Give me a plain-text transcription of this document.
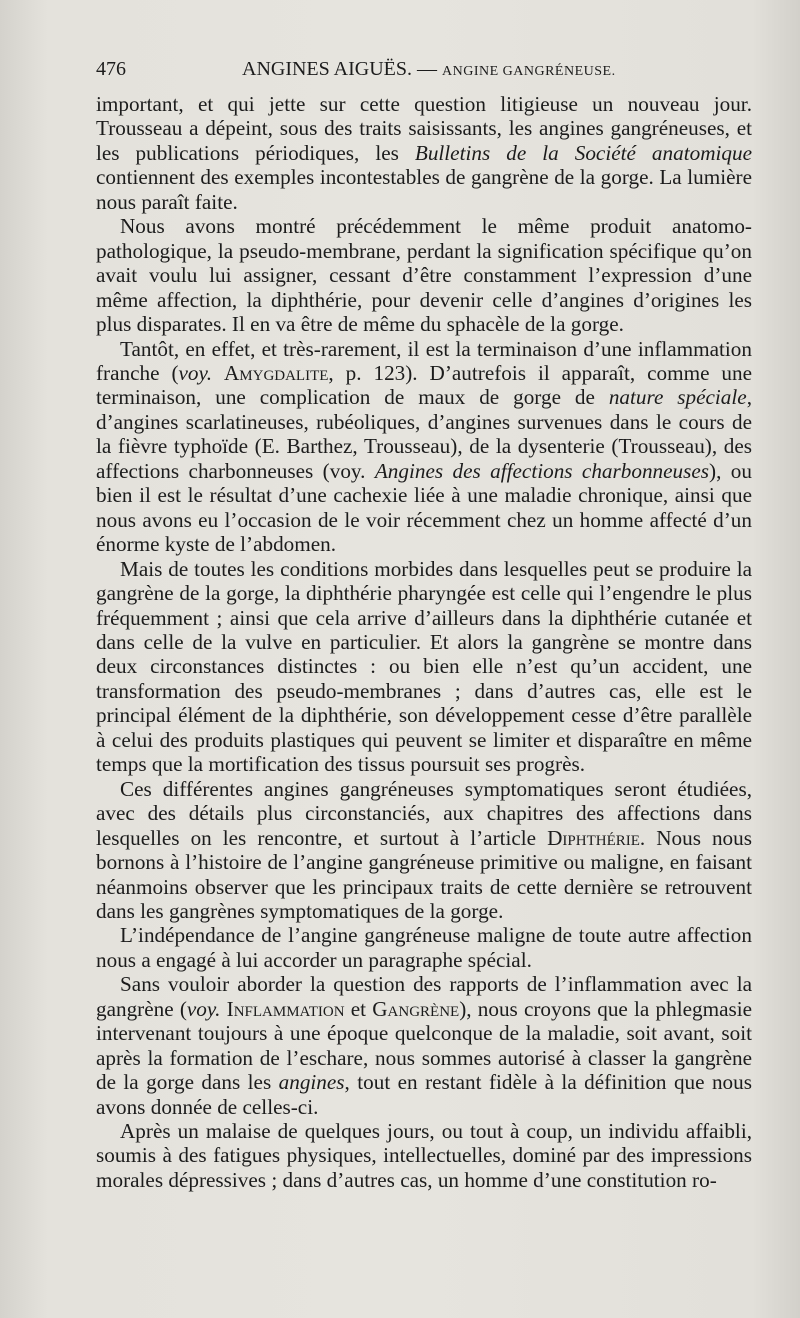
476	ANGINES AIGUËS. — ANGINE GANGRÉNEUSE.

important, et qui jette sur cette question litigieuse un nouveau jour. Trousseau a dépeint, sous des traits saisissants, les angines gangréneuses, et les publications périodiques, les Bulletins de la Société anatomique contiennent des exemples incontestables de gangrène de la gorge. La lumière nous paraît faite.

Nous avons montré précédemment le même produit anatomo-pathologique, la pseudo-membrane, perdant la signification spécifique qu’on avait voulu lui assigner, cessant d’être constamment l’expression d’une même affection, la diphthérie, pour devenir celle d’angines d’origines les plus disparates. Il en va être de même du sphacèle de la gorge.

Tantôt, en effet, et très-rarement, il est la terminaison d’une inflammation franche (voy. Amygdalite, p. 123). D’autrefois il apparaît, comme une terminaison, une complication de maux de gorge de nature spéciale, d’angines scarlatineuses, rubéoliques, d’angines survenues dans le cours de la fièvre typhoïde (E. Barthez, Trousseau), de la dysenterie (Trousseau), des affections charbonneuses (voy. Angines des affections charbonneuses), ou bien il est le résultat d’une cachexie liée à une maladie chronique, ainsi que nous avons eu l’occasion de le voir récemment chez un homme affecté d’un énorme kyste de l’abdomen.

Mais de toutes les conditions morbides dans lesquelles peut se produire la gangrène de la gorge, la diphthérie pharyngée est celle qui l’engendre le plus fréquemment ; ainsi que cela arrive d’ailleurs dans la diphthérie cutanée et dans celle de la vulve en particulier. Et alors la gangrène se montre dans deux circonstances distinctes : ou bien elle n’est qu’un accident, une transformation des pseudo-membranes ; dans d’autres cas, elle est le principal élément de la diphthérie, son développement cesse d’être parallèle à celui des produits plastiques qui peuvent se limiter et disparaître en même temps que la mortification des tissus poursuit ses progrès.

Ces différentes angines gangréneuses symptomatiques seront étudiées, avec des détails plus circonstanciés, aux chapitres des affections dans lesquelles on les rencontre, et surtout à l’article Diphthérie. Nous nous bornons à l’histoire de l’angine gangréneuse primitive ou maligne, en faisant néanmoins observer que les principaux traits de cette dernière se retrouvent dans les gangrènes symptomatiques de la gorge.

L’indépendance de l’angine gangréneuse maligne de toute autre affection nous a engagé à lui accorder un paragraphe spécial.

Sans vouloir aborder la question des rapports de l’inflammation avec la gangrène (voy. Inflammation et Gangrène), nous croyons que la phlegmasie intervenant toujours à une époque quelconque de la maladie, soit avant, soit après la formation de l’eschare, nous sommes autorisé à classer la gangrène de la gorge dans les angines, tout en restant fidèle à la définition que nous avons donnée de celles-ci.

Après un malaise de quelques jours, ou tout à coup, un individu affaibli, soumis à des fatigues physiques, intellectuelles, dominé par des impressions morales dépressives ; dans d’autres cas, un homme d’une constitution ro-
